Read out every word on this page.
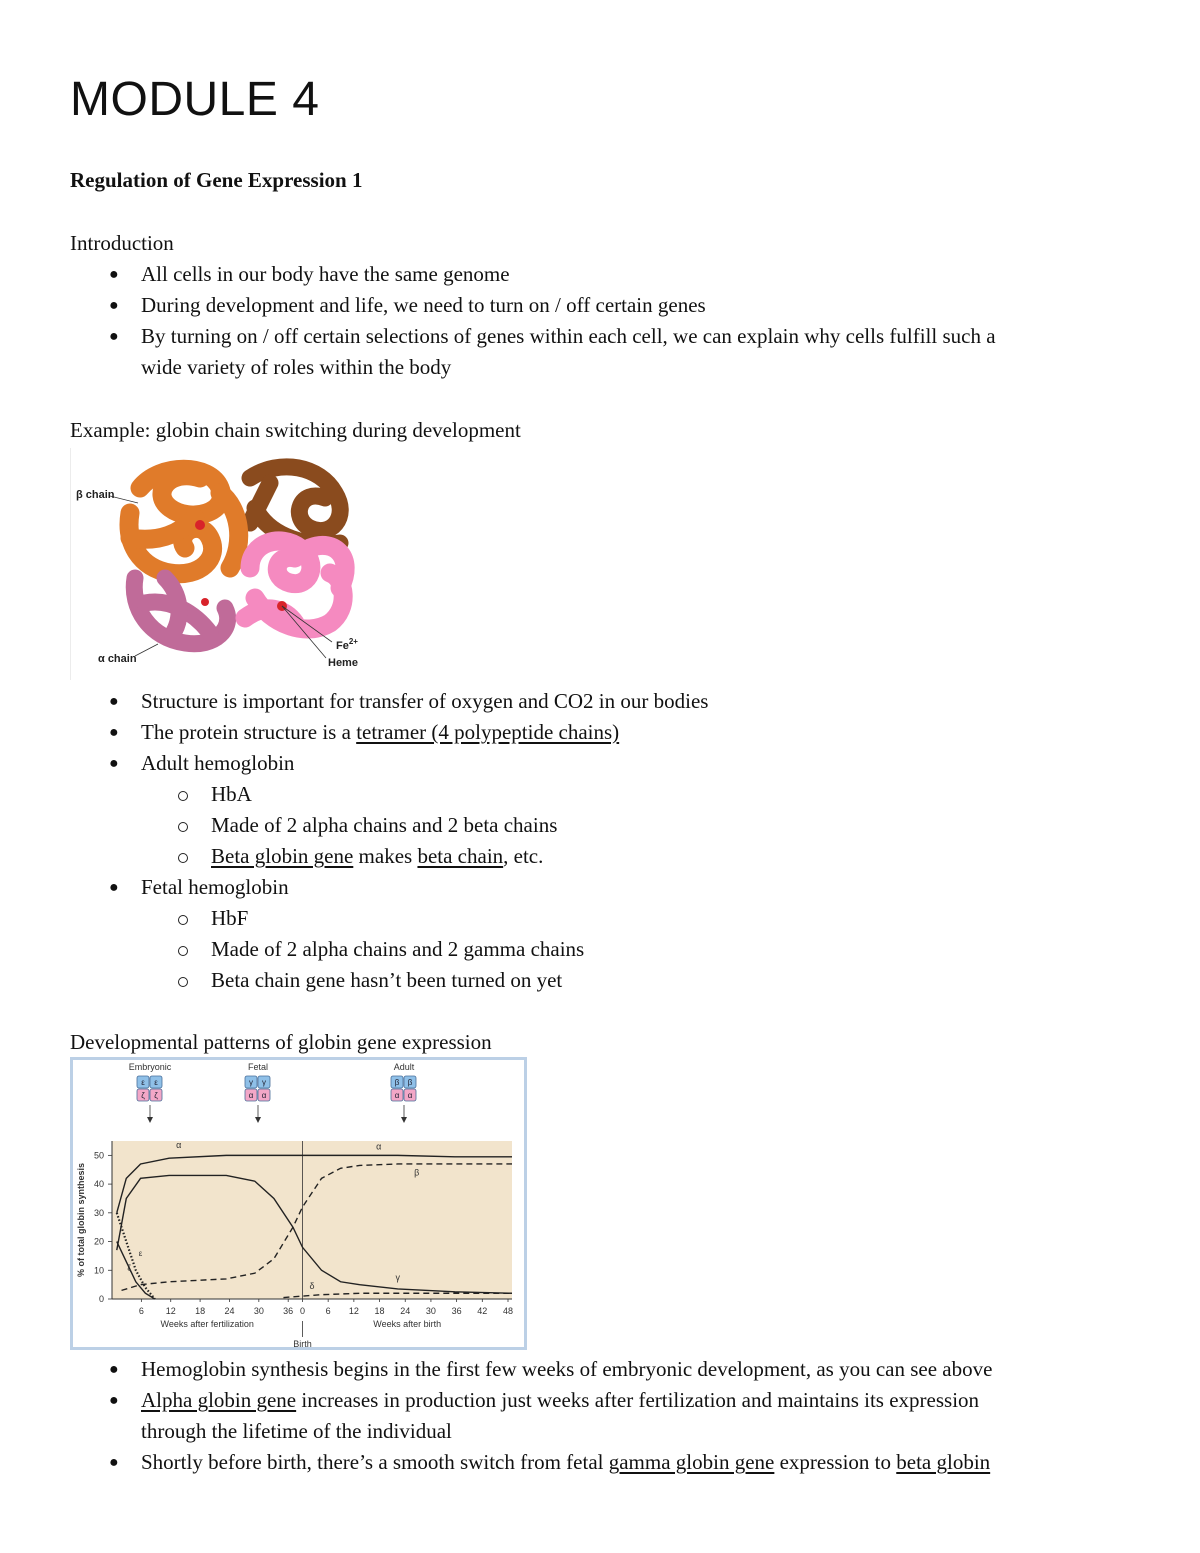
MODULE 4
Regulation of Gene Expression 1

Introduction

● All cells in our body have the same genome
● During development and life, we need to turn on / off certain genes
● By turning on / off certain selections of genes within each cell, we can explain why cells fulfill such a
wide variety of roles within the body

Example: globin chain switching during development

β chain
α chain
$Fe^{2+}$
Heme
● Structure is important for transfer of oxygen and CO2 in our bodies
● The protein structure is a tetramer (4 polypeptide chains)
● Adult hemoglobin
HbA
Made of 2 alpha chains and 2 beta chains
Beta globin gene makes beta chain, etc.
● Fetal hemoglobin
HbF
Made of 2 alpha chains and 2 gamma chains
Beta chain gene hasn’t been turned on yet

Developmental patterns of globin gene expression

ε ε
ζ ζ
γ γ
α α
β β
α α
0
10
20
30
40
50
6 12 18 24 30 36 0 6 12 18 24 30 36 42 48
Weeks after fertilization	Weeks after birth
Birth
% of total globin synthesis
α	α
β
γ
δ
ε
ζ
Embryonic	Fetal	Adult
● Hemoglobin synthesis begins in the first few weeks of embryonic development, as you can see above
● Alpha globin gene increases in production just weeks after fertilization and maintains its expression
through the lifetime of the individual
● Shortly before birth, there’s a smooth switch from fetal gamma globin gene expression to beta globin
